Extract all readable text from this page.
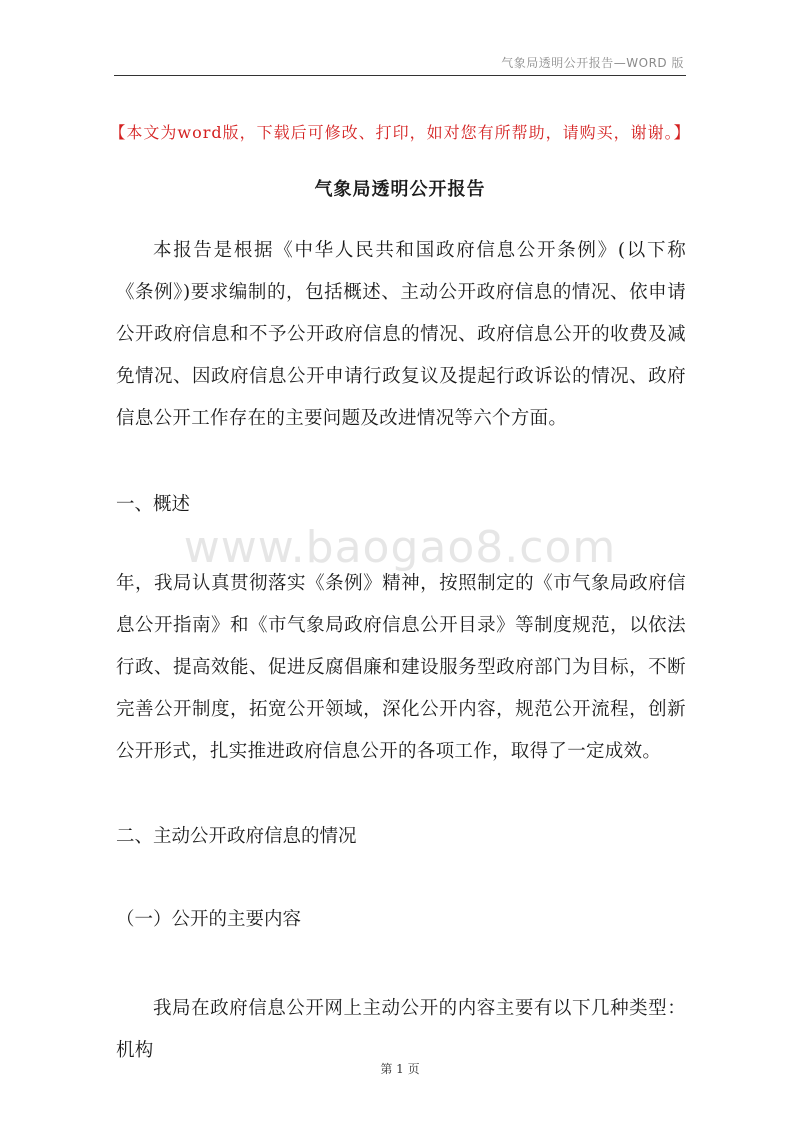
气象局透明公开报告—WORD 版
【本文为word版，下载后可修改、打印，如对您有所帮助，请购买，谢谢。】
气象局透明公开报告
本报告是根据《中华人民共和国政府信息公开条例》(以下称《条例》)要求编制的，包括概述、主动公开政府信息的情况、依申请公开政府信息和不予公开政府信息的情况、政府信息公开的收费及减免情况、因政府信息公开申请行政复议及提起行政诉讼的情况、政府信息公开工作存在的主要问题及改进情况等六个方面。
一、概述
www.baogao8.com
年，我局认真贯彻落实《条例》精神，按照制定的《市气象局政府信息公开指南》和《市气象局政府信息公开目录》等制度规范，以依法行政、提高效能、促进反腐倡廉和建设服务型政府部门为目标，不断完善公开制度，拓宽公开领域，深化公开内容，规范公开流程，创新公开形式，扎实推进政府信息公开的各项工作，取得了一定成效。
二、主动公开政府信息的情况
（一）公开的主要内容
我局在政府信息公开网上主动公开的内容主要有以下几种类型：机构
第 1 页
